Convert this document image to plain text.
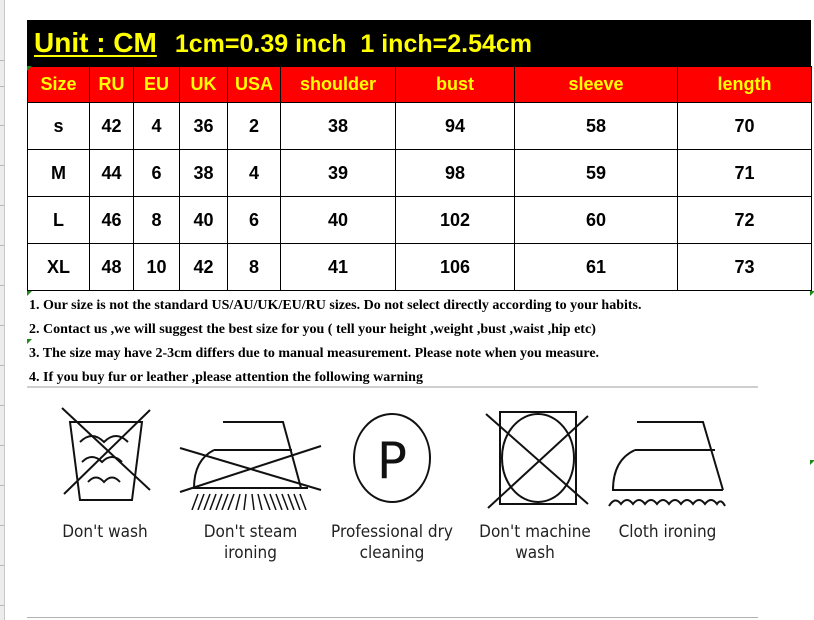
Unit : CM 1cm=0.39 inch  1 inch=2.54cm
Size	RU	EU	UK	USA	shoulder	bust	sleeve	length
s	42	4	36	2	38	94	58	70
M	44	6	38	4	39	98	59	71
L	46	8	40	6	40	102	60	72
XL	48	10	42	8	41	106	61	73
1. Our size is not the standard US/AU/UK/EU/RU sizes. Do not select directly according to your habits.
2. Contact us ,we will suggest the best size for you ( tell your height ,weight ,bust ,waist ,hip etc)
3. The size may have 2-3cm differs due to manual measurement. Please note when you measure.
4. If you buy fur or leather ,please attention the following warning
Don't wash	Don't steam
ironing
P
Professional dry
cleaning
Don't machine
wash
Cloth ironing
